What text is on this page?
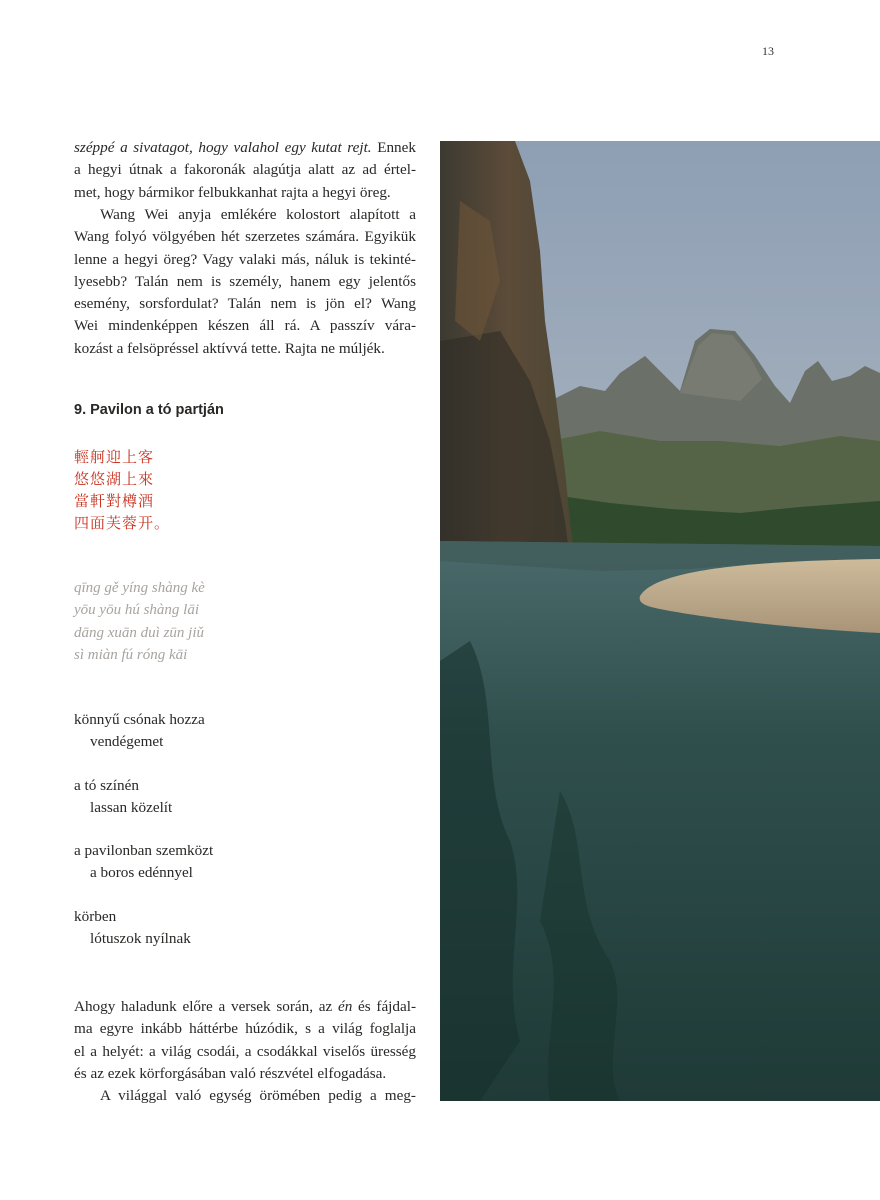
13

széppé a sivatagot, hogy valahol egy kutat rejt. Ennek
a hegyi útnak a fakoronák alagútja alatt az ad értel-
met, hogy bármikor felbukkanhat rajta a hegyi öreg.

Wang Wei anyja emlékére kolostort alapított a
Wang folyó völgyében hét szerzetes számára. Egyikük
lenne a hegyi öreg? Vagy valaki más, náluk is tekinté-
lyesebb? Talán nem is személy, hanem egy jelentős
esemény, sorsfordulat? Talán nem is jön el? Wang
Wei mindenképpen készen áll rá. A passzív vára-
kozást a felsöpréssel aktívvá tette. Rajta ne múljék.

9. Pavilon a tó partján
輕舸迎上客
悠悠湖上來
當軒對樽酒
四面芙蓉开。
qīng gě yíng shàng kè
yōu yōu hú shàng lāi
dāng xuān duì zūn jiǔ
sì miàn fú róng kāi
könnyű csónak hozza
vendégemet
a tó színén
lassan közelít
a pavilonban szemközt
a boros edénnyel
körben
lótuszok nyílnak

Ahogy haladunk előre a versek során, az én és fájdal-
ma egyre inkább háttérbe húzódik, s a világ foglalja
el a helyét: a világ csodái, a csodákkal viselős üresség
és az ezek körforgásában való részvétel elfogadása.
A világgal való egység örömében pedig a meg-
